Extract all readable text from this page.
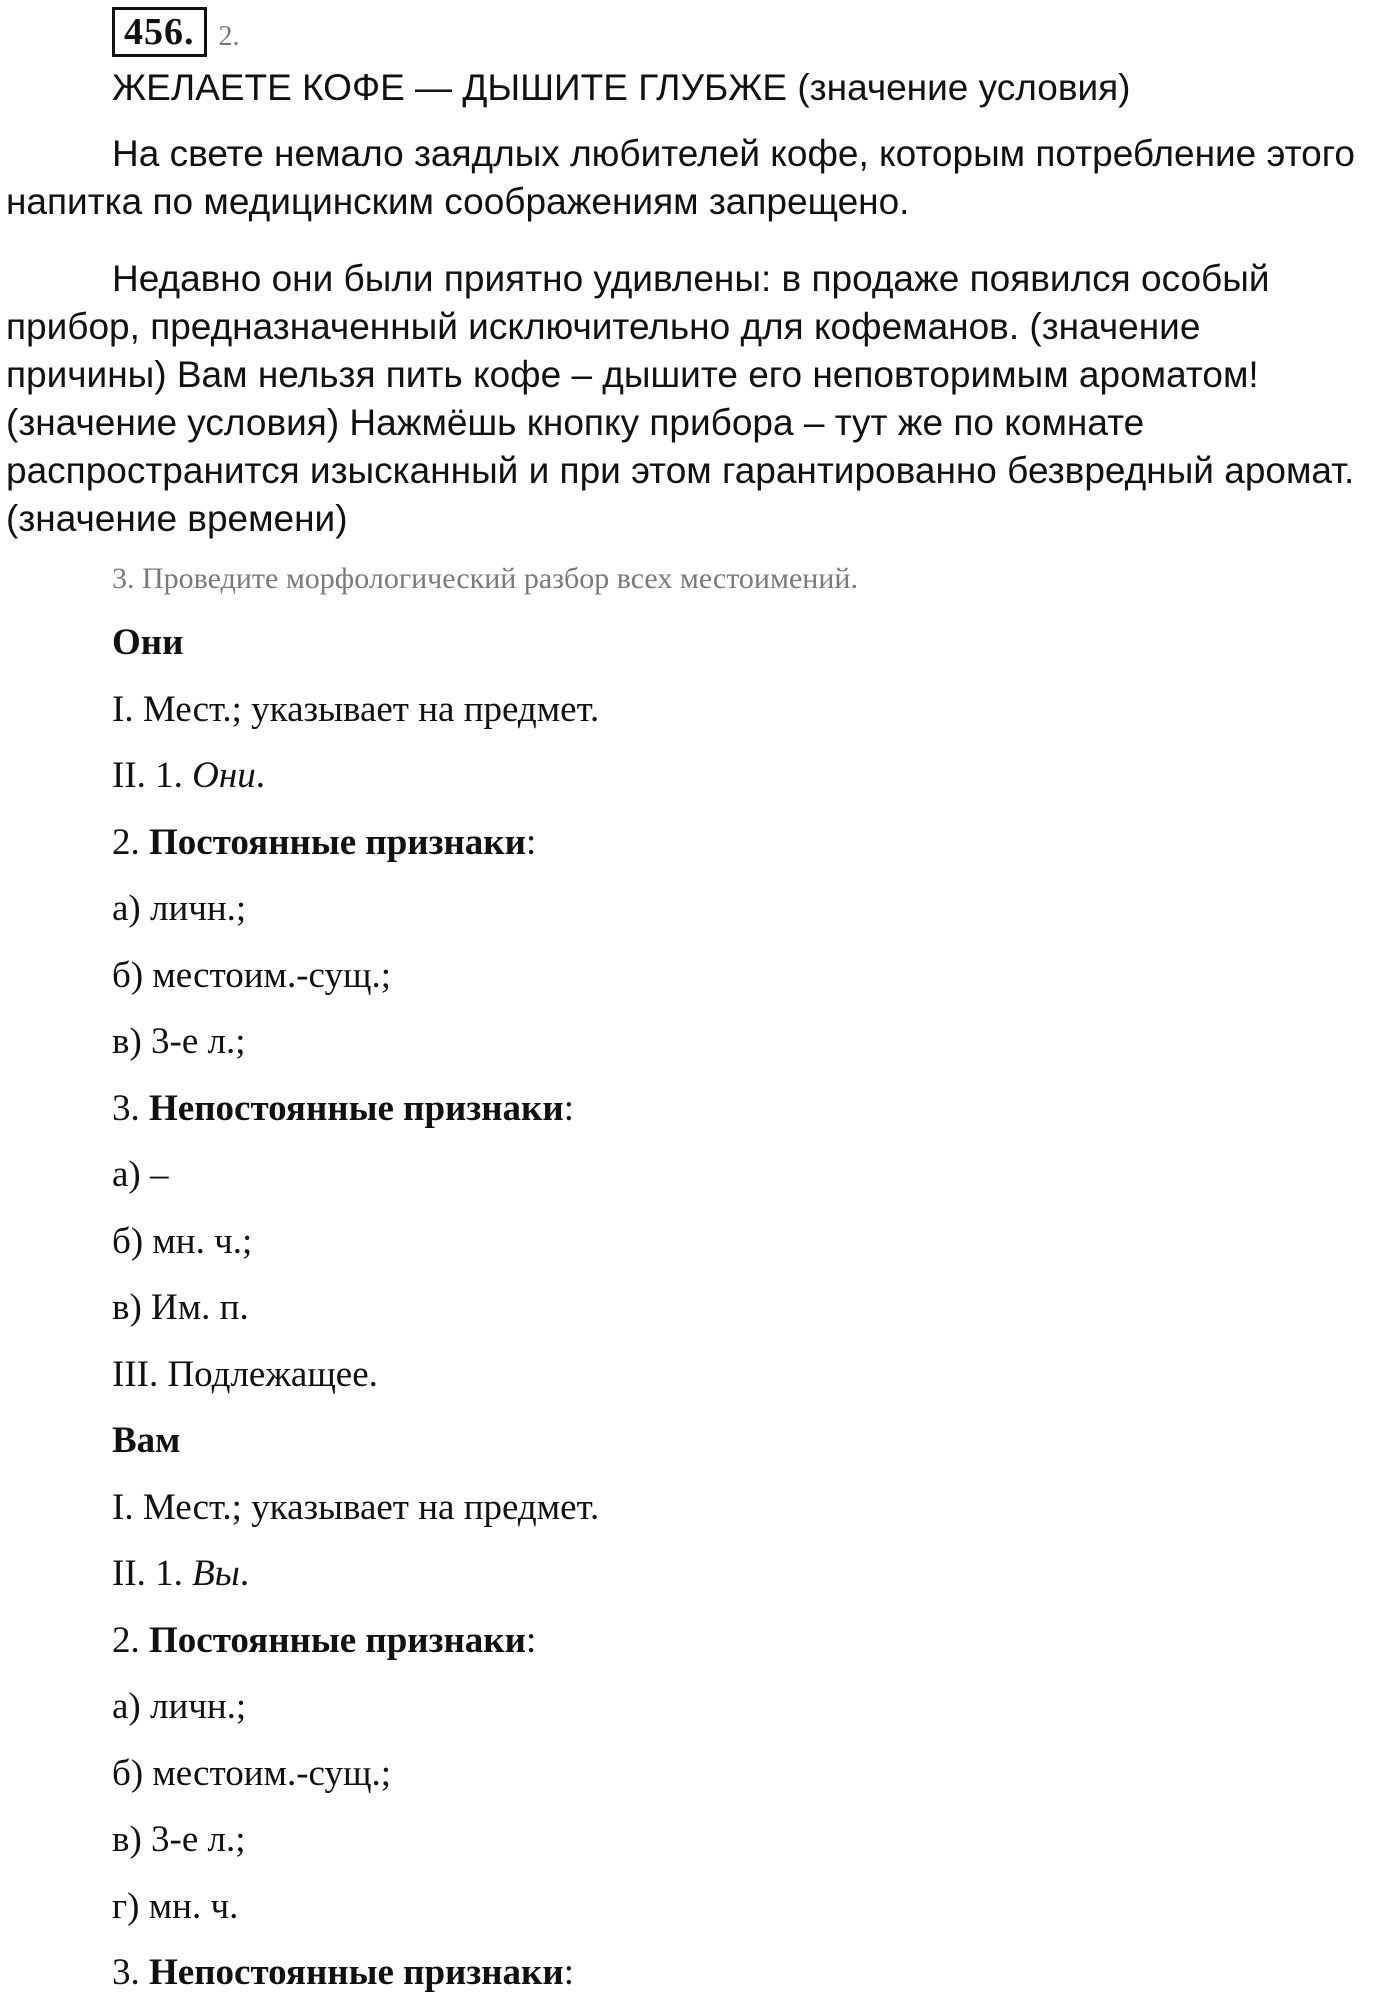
456. 2.
ЖЕЛАЕТЕ КОФЕ — ДЫШИТЕ ГЛУБЖЕ (значение условия)
На свете немало заядлых любителей кофе, которым потребление этого
напитка по медицинским соображениям запрещено.
Недавно они были приятно удивлены: в продаже появился особый
прибор, предназначенный исключительно для кофеманов. (значение
причины) Вам нельзя пить кофе – дышите его неповторимым ароматом!
(значение условия) Нажмёшь кнопку прибора – тут же по комнате
распространится изысканный и при этом гарантированно безвредный аромат.
(значение времени)
3. Проведите морфологический разбор всех местоимений.
Они
I. Мест.; указывает на предмет.
II. 1. Они.
2. Постоянные признаки:
а) личн.;
б) местоим.-сущ.;
в) 3-е л.;
3. Непостоянные признаки:
а) –
б) мн. ч.;
в) Им. п.
III. Подлежащее.
Вам
I. Мест.; указывает на предмет.
II. 1. Вы.
2. Постоянные признаки:
а) личн.;
б) местоим.-сущ.;
в) 3-е л.;
г) мн. ч.
3. Непостоянные признаки:
